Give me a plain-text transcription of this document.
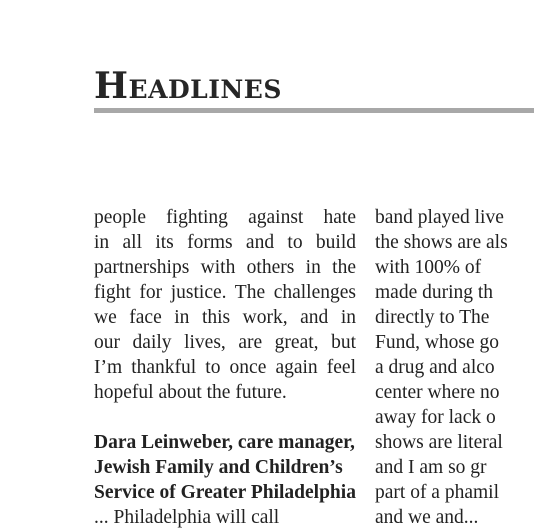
Headlines
people fighting against hate
in all its forms and to build
partnerships with others in the
fight for justice. The challenges
we face in this work, and in
our daily lives, are great, but
I’m thankful to once again feel
hopeful about the future.
Dara Leinweber, care manager,
Jewish Family and Children’s
Service of Greater Philadelphia
... Philadelphia will call
band played live
the shows are als
with 100% of
made during th
directly to The
Fund, whose go
a drug and alco
center where no
away for lack o
shows are literal
and I am so gr
part of a phamil
and we and...
